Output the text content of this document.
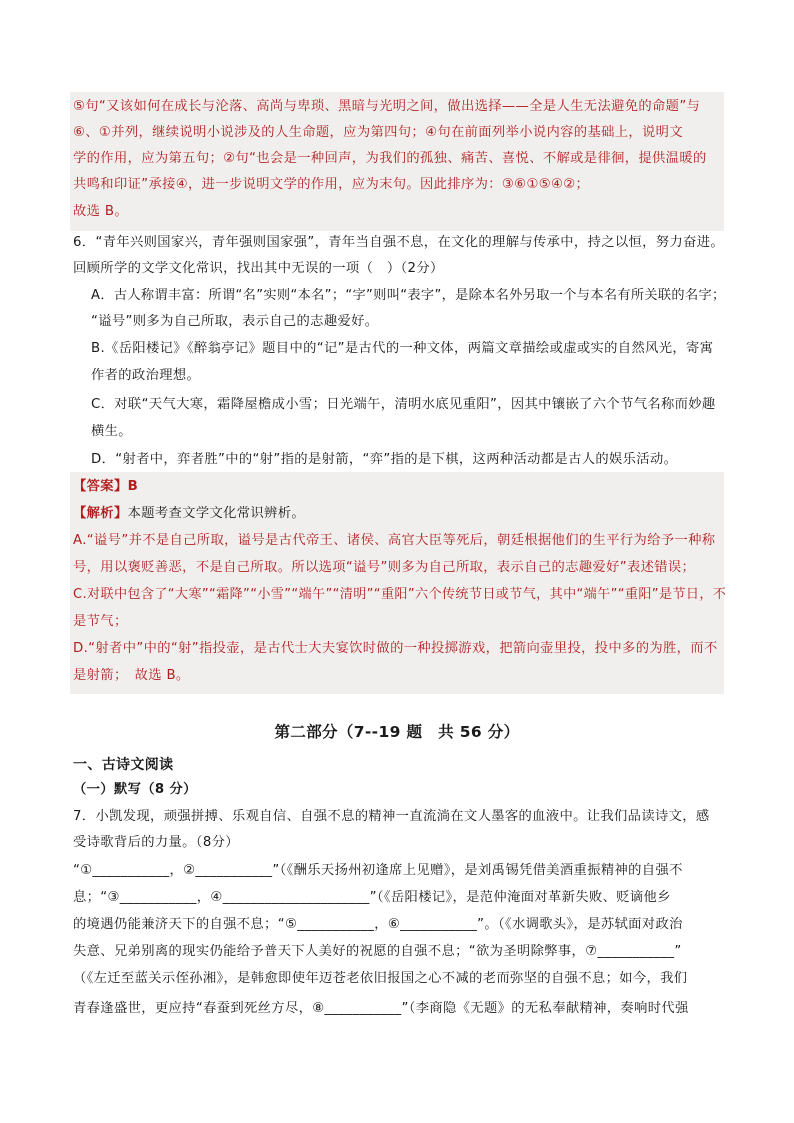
⑤句“又该如何在成长与沦落、高尚与卑琐、黑暗与光明之间，做出选择——全是人生无法避免的命题”与
⑥、①并列，继续说明小说涉及的人生命题，应为第四句；④句在前面列举小说内容的基础上，说明文
学的作用，应为第五句；②句“也会是一种回声，为我们的孤独、痛苦、喜悦、不解或是徘徊，提供温暖的
共鸣和印证”承接④，进一步说明文学的作用，应为末句。因此排序为：③⑥①⑤④②；
故选 B。
6．“青年兴则国家兴，青年强则国家强”，青年当自强不息，在文化的理解与传承中，持之以恒，努力奋进。
回顾所学的文学文化常识，找出其中无误的一项（　）（2分）
A．古人称谓丰富：所谓“名”实则“本名”；“字”则叫“表字”，是除本名外另取一个与本名有所关联的名字；
“谥号”则多为自己所取，表示自己的志趣爱好。
B.《岳阳楼记》《醉翁亭记》题目中的“记”是古代的一种文体，两篇文章描绘或虚或实的自然风光，寄寓
作者的政治理想。
C．对联“天气大寒，霜降屋檐成小雪；日光端午，清明水底见重阳”，因其中镶嵌了六个节气名称而妙趣
横生。
D．“射者中，弈者胜”中的“射”指的是射箭，“弈”指的是下棋，这两种活动都是古人的娱乐活动。
【答案】B
【解析】本题考查文学文化常识辨析。
A.“谥号”并不是自己所取，谥号是古代帝王、诸侯、高官大臣等死后，朝廷根据他们的生平行为给予一种称
号，用以褒贬善恶，不是自己所取。所以选项“谥号”则多为自己所取，表示自己的志趣爱好”表述错误；
C.对联中包含了“大寒”“霜降”“小雪”“端午”“清明”“重阳”六个传统节日或节气，其中“端午”“重阳”是节日，不
是节气；
D.“射者中”中的“射”指投壶，是古代士大夫宴饮时做的一种投掷游戏，把箭向壶里投，投中多的为胜，而不
是射箭；　故选 B。
第二部分（7--19 题　共 56 分）
一、古诗文阅读
（一）默写（8 分）
7．小凯发现，顽强拼搏、乐观自信、自强不息的精神一直流淌在文人墨客的血液中。让我们品读诗文，感
受诗歌背后的力量。（8分）
“①___________，②___________”（《酬乐天扬州初逢席上见赠》，是刘禹锡凭借美酒重振精神的自强不
息；“③___________，④_____________________”（《岳阳楼记》，是范仲淹面对革新失败、贬谪他乡
的境遇仍能兼济天下的自强不息；“⑤___________，⑥___________”。（《水调歌头》，是苏轼面对政治
失意、兄弟别离的现实仍能给予普天下人美好的祝愿的自强不息；“欲为圣明除弊事，⑦___________”
（《左迁至蓝关示侄孙湘》，是韩愈即使年迈苍老依旧报国之心不减的老而弥坚的自强不息；如今，我们
青春逢盛世，更应持“春蚕到死丝方尽，⑧___________”（李商隐《无题》的无私奉献精神，奏响时代强
